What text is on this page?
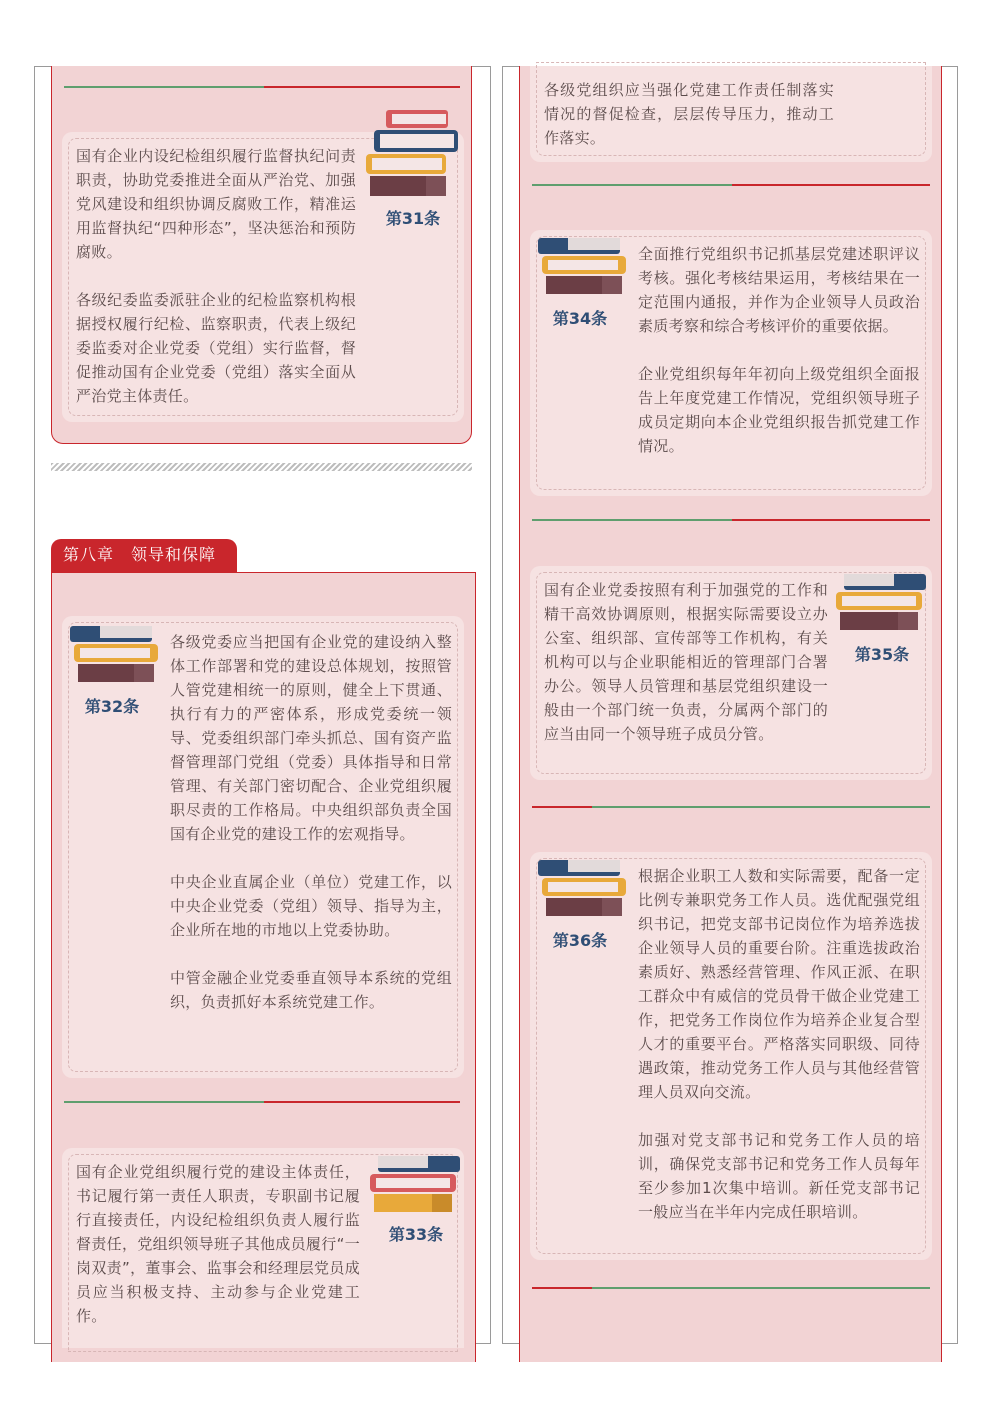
国有企业内设纪检组织履行监督执纪问责职责，协助党委推进全面从严治党、加强党风建设和组织协调反腐败工作，精准运用监督执纪“四种形态”，坚决惩治和预防腐败。

各级纪委监委派驻企业的纪检监察机构根据授权履行纪检、监察职责，代表上级纪委监委对企业党委（党组）实行监督，督促推动国有企业党委（党组）落实全面从严治党主体责任。

第31条
第八章　领导和保障

各级党委应当把国有企业党的建设纳入整体工作部署和党的建设总体规划，按照管人管党建相统一的原则，健全上下贯通、执行有力的严密体系，形成党委统一领导、党委组织部门牵头抓总、国有资产监督管理部门党组（党委）具体指导和日常管理、有关部门密切配合、企业党组织履职尽责的工作格局。中央组织部负责全国国有企业党的建设工作的宏观指导。

中央企业直属企业（单位）党建工作，以中央企业党委（党组）领导、指导为主，企业所在地的市地以上党委协助。

中管金融企业党委垂直领导本系统的党组织，负责抓好本系统党建工作。

第32条

国有企业党组织履行党的建设主体责任，书记履行第一责任人职责，专职副书记履行直接责任，内设纪检组织负责人履行监督责任，党组织领导班子其他成员履行“一岗双责”，董事会、监事会和经理层党员成员应当积极支持、主动参与企业党建工作。

第33条

各级党组织应当强化党建工作责任制落实情况的督促检查，层层传导压力，推动工作落实。

全面推行党组织书记抓基层党建述职评议考核。强化考核结果运用，考核结果在一定范围内通报，并作为企业领导人员政治素质考察和综合考核评价的重要依据。

企业党组织每年年初向上级党组织全面报告上年度党建工作情况，党组织领导班子成员定期向本企业党组织报告抓党建工作情况。

第34条

国有企业党委按照有利于加强党的工作和精干高效协调原则，根据实际需要设立办公室、组织部、宣传部等工作机构，有关机构可以与企业职能相近的管理部门合署办公。领导人员管理和基层党组织建设一般由一个部门统一负责，分属两个部门的应当由同一个领导班子成员分管。

第35条

根据企业职工人数和实际需要，配备一定比例专兼职党务工作人员。选优配强党组织书记，把党支部书记岗位作为培养选拔企业领导人员的重要台阶。注重选拔政治素质好、熟悉经营管理、作风正派、在职工群众中有威信的党员骨干做企业党建工作，把党务工作岗位作为培养企业复合型人才的重要平台。严格落实同职级、同待遇政策，推动党务工作人员与其他经营管理人员双向交流。

加强对党支部书记和党务工作人员的培训，确保党支部书记和党务工作人员每年至少参加1次集中培训。新任党支部书记一般应当在半年内完成任职培训。

第36条
